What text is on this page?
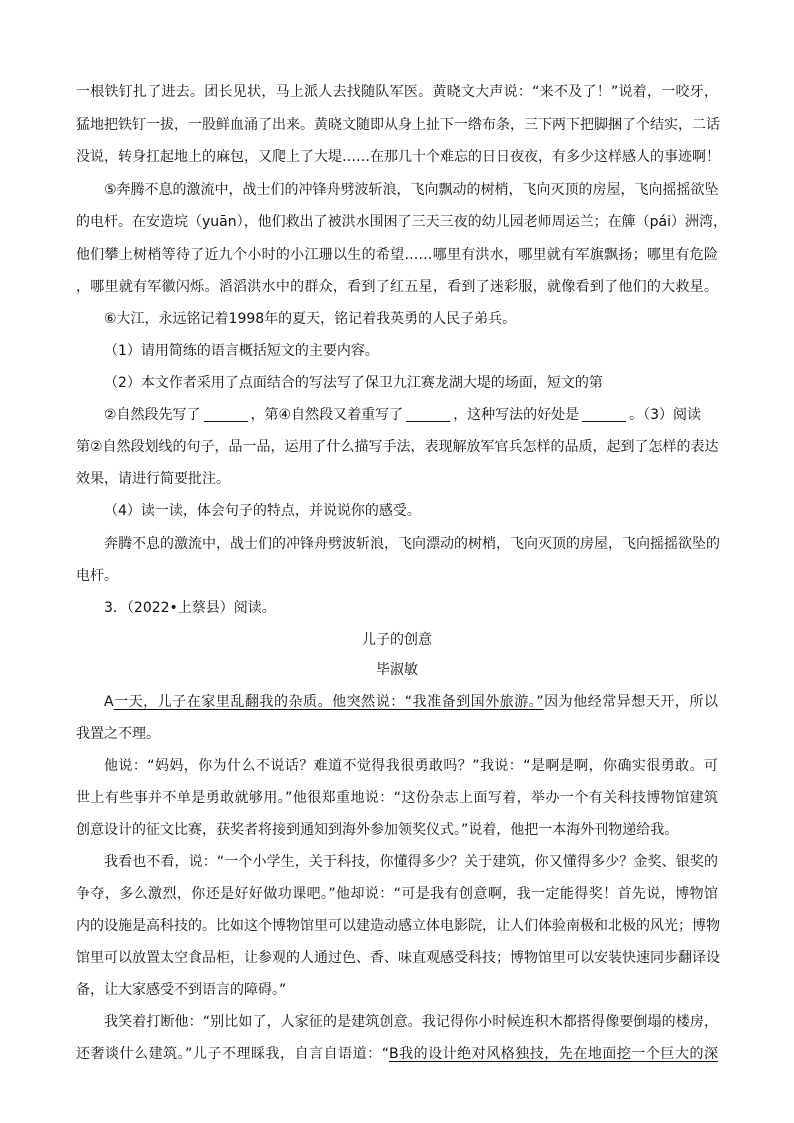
一根铁钉扎了进去。团长见状，马上派人去找随队军医。黄晓文大声说：“来不及了！”说着，一咬牙，
猛地把铁钉一拔，一股鲜血涌了出来。黄晓文随即从身上扯下一绺布条，三下两下把脚捆了个结实，二话
没说，转身扛起地上的麻包，又爬上了大堤……在那几十个难忘的日日夜夜，有多少这样感人的事迹啊！
⑤奔腾不息的激流中，战士们的冲锋舟劈波斩浪，飞向飘动的树梢，飞向灭顶的房屋，飞向摇摇欲坠
的电杆。在安造垸（yuān），他们救出了被洪水围困了三天三夜的幼儿园老师周运兰；在簰（pái）洲湾，
他们攀上树梢等待了近九个小时的小江珊以生的希望……哪里有洪水，哪里就有军旗飘扬；哪里有危险
，哪里就有军徽闪烁。滔滔洪水中的群众，看到了红五星，看到了迷彩服，就像看到了他们的大救星。
⑥大江，永远铭记着1998年的夏天，铭记着我英勇的人民子弟兵。
（1）请用简练的语言概括短文的主要内容。
（2）本文作者采用了点面结合的写法写了保卫九江赛龙湖大堤的场面，短文的第
②自然段先写了	，第④自然段又着重写了	，这种写法的好处是	。（3）阅读
第②自然段划线的句子，品一品，运用了什么描写手法，表现解放军官兵怎样的品质，起到了怎样的表达
效果，请进行简要批注。
（4）读一读，体会句子的特点，并说说你的感受。
奔腾不息的激流中，战士们的冲锋舟劈波斩浪，飞向漂动的树梢，飞向灭顶的房屋，飞向摇摇欲坠的
电杆。
3．（2022•上蔡县）阅读。
儿子的创意
毕淑敏
A一天，儿子在家里乱翻我的杂质。他突然说：“我准备到国外旅游。”因为他经常异想天开，所以
我置之不理。
他说：“妈妈，你为什么不说话？难道不觉得我很勇敢吗？”我说：“是啊是啊，你确实很勇敢。可
世上有些事并不单是勇敢就够用。”他很郑重地说：“这份杂志上面写着，举办一个有关科技博物馆建筑
创意设计的征文比赛，获奖者将接到通知到海外参加领奖仪式。”说着，他把一本海外刊物递给我。
我看也不看，说：“一个小学生，关于科技，你懂得多少？关于建筑，你又懂得多少？金奖、银奖的
争夺，多么激烈，你还是好好做功课吧。”他却说：“可是我有创意啊，我一定能得奖！首先说，博物馆
内的设施是高科技的。比如这个博物馆里可以建造动感立体电影院，让人们体验南极和北极的风光；博物
馆里可以放置太空食品柜，让参观的人通过色、香、味直观感受科技；博物馆里可以安装快速同步翻译设
备，让大家感受不到语言的障碍。”
我笑着打断他：“别比如了，人家征的是建筑创意。我记得你小时候连积木都搭得像要倒塌的楼房，
还奢谈什么建筑。”儿子不理睬我，自言自语道：“B我的设计绝对风格独技，先在地面挖一个巨大的深
